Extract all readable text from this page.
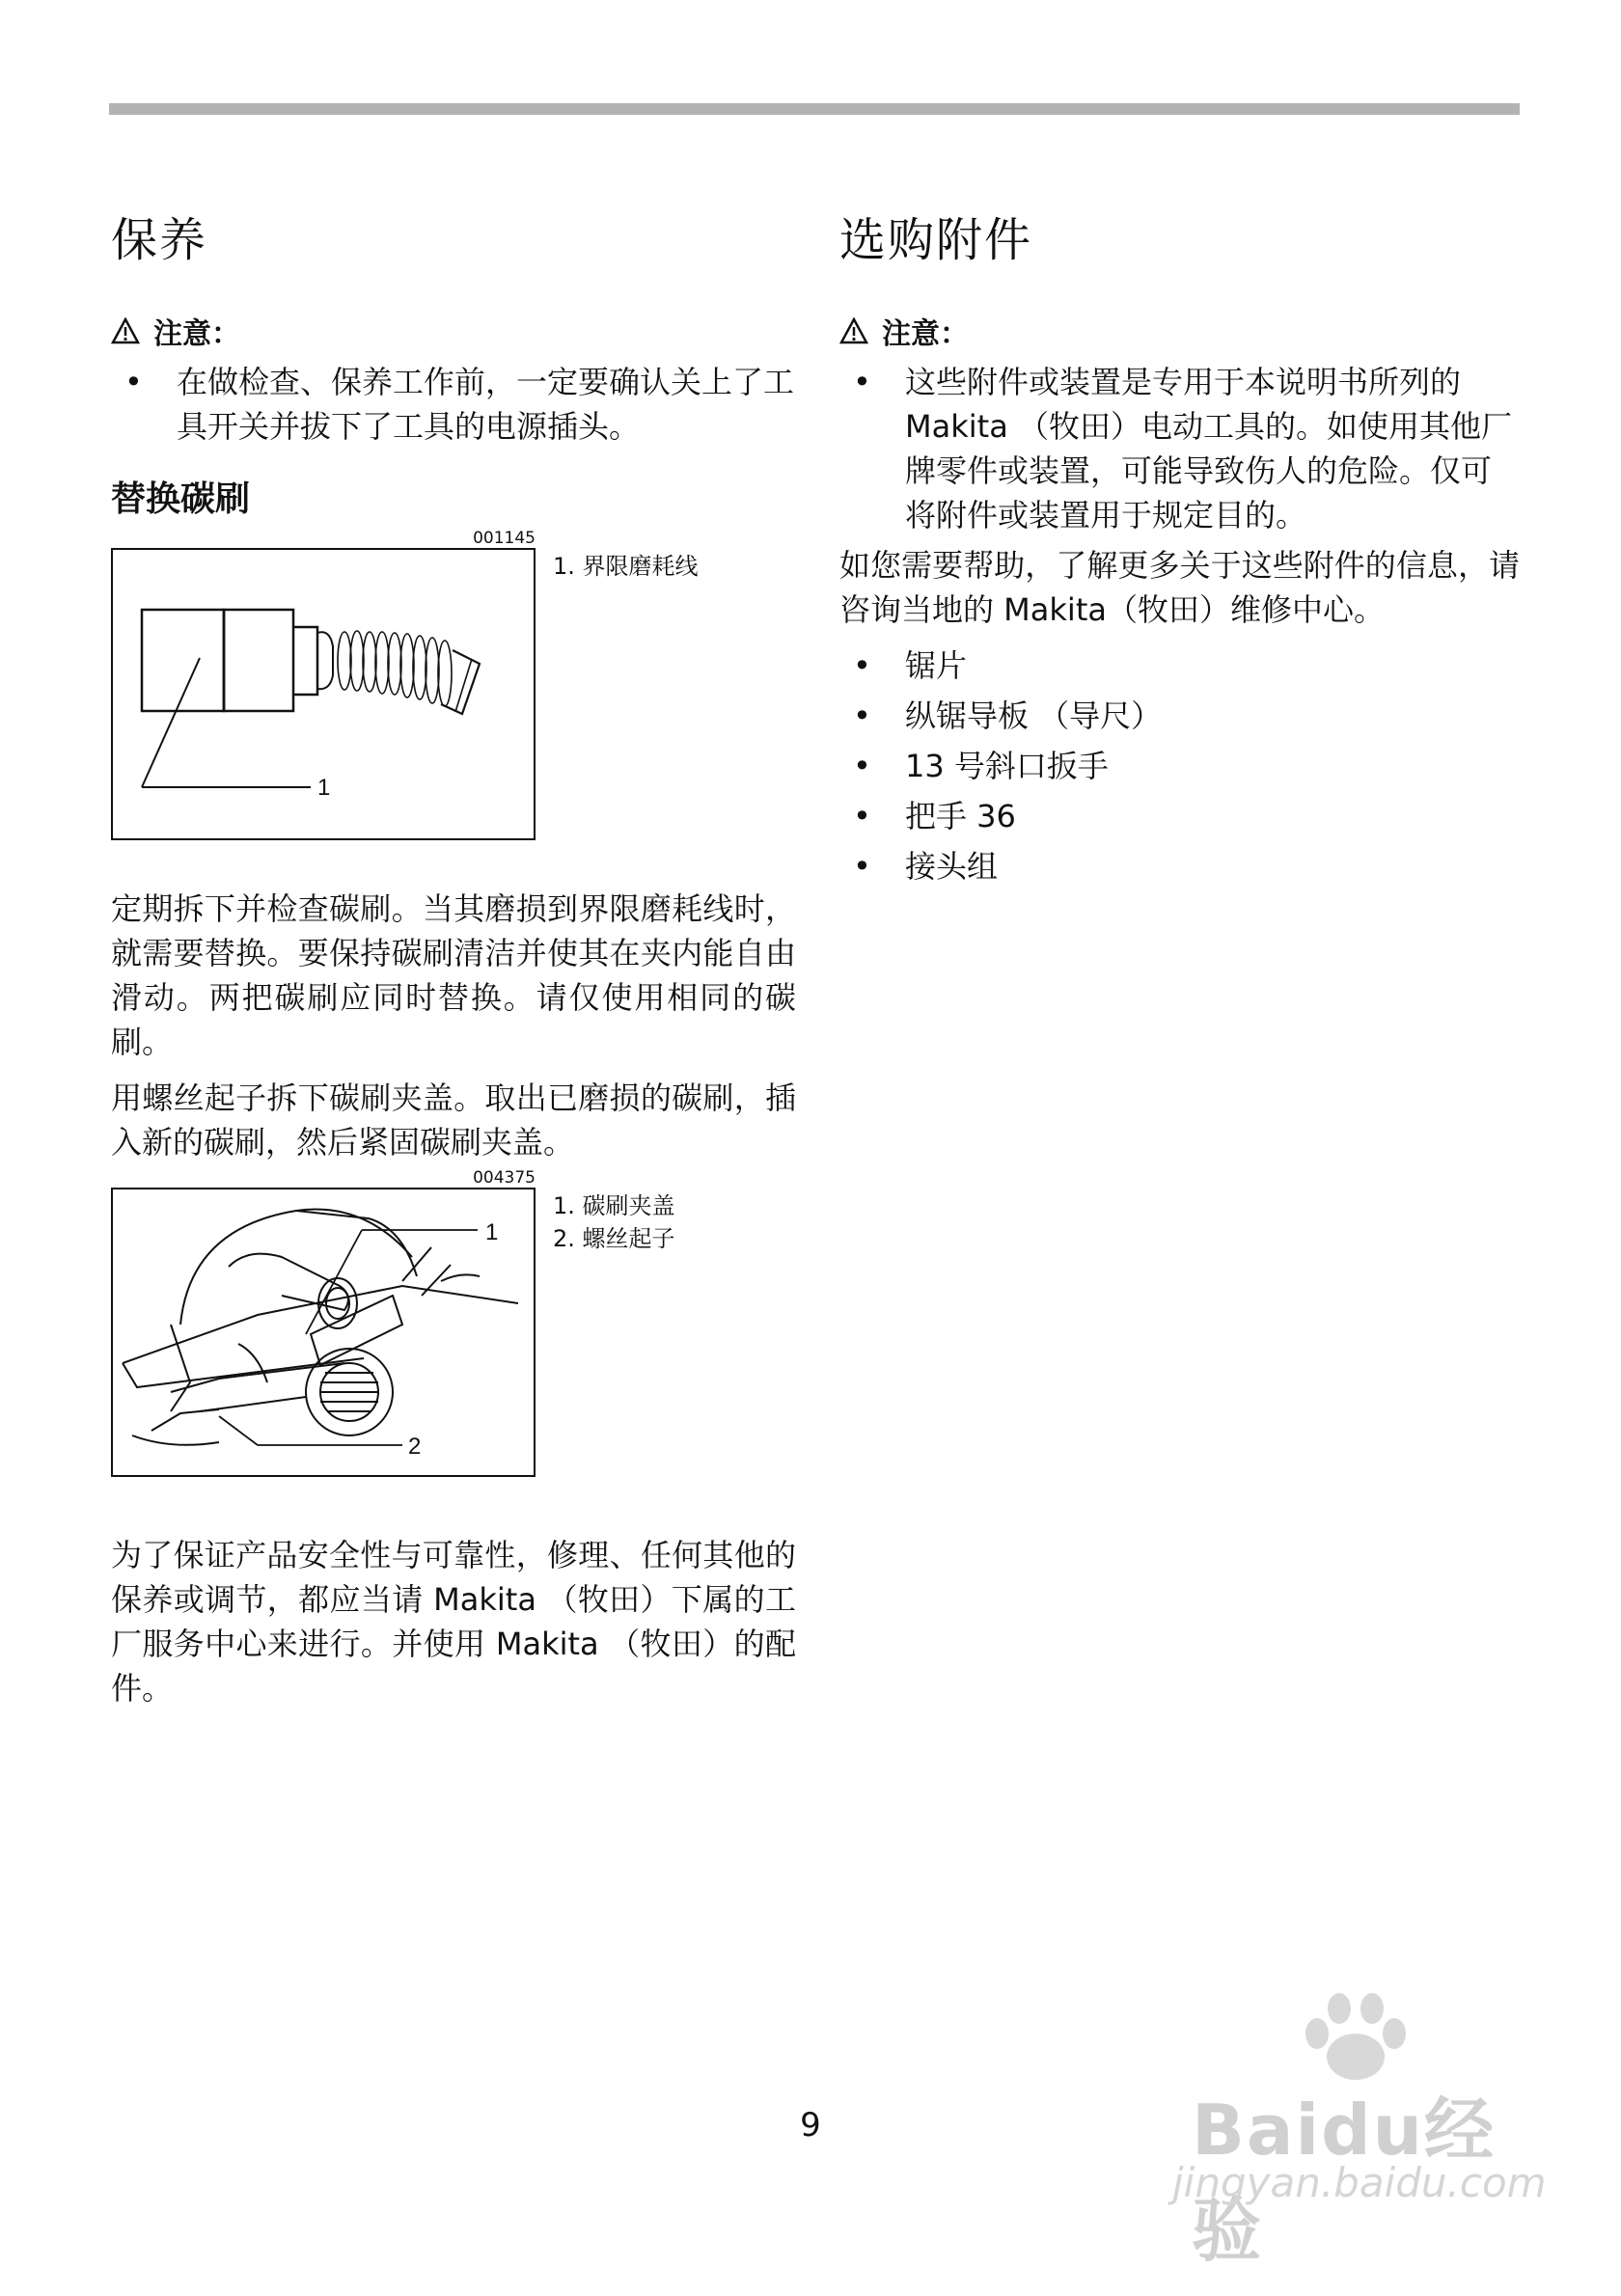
保养
注意：
• 在做检查、保养工作前，一定要确认关上了工具开关并拔下了工具的电源插头。
替换碳刷

001145

1
1. 界限磨耗线

定期拆下并检查碳刷。当其磨损到界限磨耗线时，就需要替换。要保持碳刷清洁并使其在夹内能自由滑动。两把碳刷应同时替换。请仅使用相同的碳刷。

用螺丝起子拆下碳刷夹盖。取出已磨损的碳刷，插入新的碳刷，然后紧固碳刷夹盖。

004375

1
2
1. 碳刷夹盖
2. 螺丝起子

为了保证产品安全性与可靠性，修理、任何其他的保养或调节，都应当请 Makita （牧田）下属的工厂服务中心来进行。并使用 Makita （牧田）的配件。

选购附件
注意：
• 这些附件或装置是专用于本说明书所列的 Makita （牧田）电动工具的。如使用其他厂牌零件或装置，可能导致伤人的危险。仅可将附件或装置用于规定目的。

如您需要帮助，了解更多关于这些附件的信息，请咨询当地的 Makita（牧田）维修中心。

• 锯片
• 纵锯导板 （导尺）
• 13 号斜口扳手
• 把手 36
• 接头组
9	Baidu经验
jingyan.baidu.com
